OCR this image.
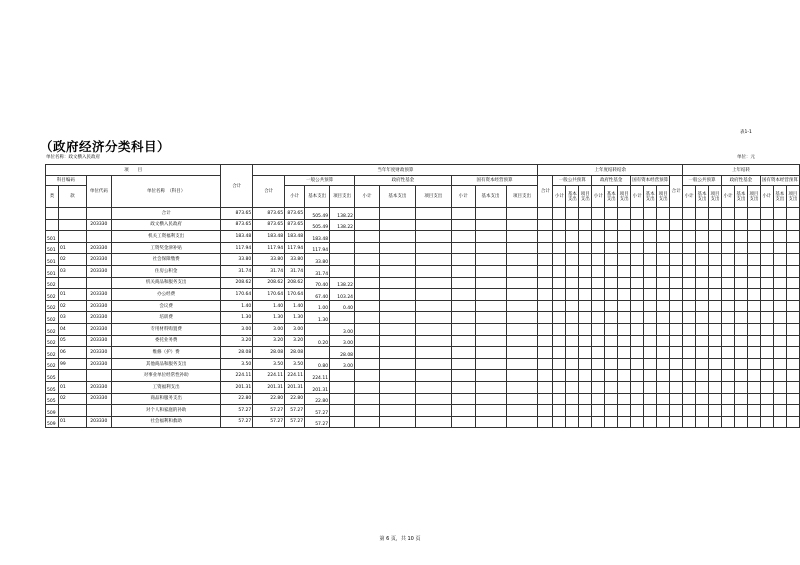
（政府经济分类科目）
表1-1
单位名称：政文横入民政府	单位：元
项　　目				合计	当年年度财政预算										上年度结转结余											上年结转								
科目编码		单位代码	单位名称　（科目）		合计	一般公共预算			政府性基金			国有资本经营预算			合计	一般公共预算			政府性基金			国有资本经营预算			合计	一般公共预算			政府性基金			国有资本经营预算		
类	款					小计	基本支出	项目支出	小计	基本支出	项目支出	小计	基本支出	项目支出		小计	基本支出	项目支出	小计	基本支出	项目支出	小计	基本支出	项目支出		小计	基本支出	项目支出	小计	基本支出	项目支出	小计	基本支出	项目支出

			合计	873.65	873.65	873.65	505.49	138.22																										
		203330	政文横入民政府	873.65	873.65	873.65	505.49	138.22																										
501			机关工资福利支出	183.48	183.48	183.48	183.48																											
501	01	203330	工资奖金津补贴	117.94	117.94	117.94	117.94																											
501	02	203330	社会保障缴费	33.80	33.80	33.80	33.80																											
501	03	203330	住房公积金	31.74	31.74	31.74	31.74																											
502			机关商品和服务支出	208.62	208.62	208.62	70.40	138.22																										
502	01	203330	办公经费	170.64	170.64	170.64	67.40	103.24																										
502	02	203330	会议费	1.40	1.40	1.40	1.00	0.40																										
502	03	203330	培训费	1.30	1.30	1.30	1.30																											
502	04	203330	专用材料购置费	3.00	3.00	3.00		3.00																										
502	05	203330	委托业务费	3.20	3.20	3.20	0.20	3.00																										
502	06	203330	维修（护）费	28.08	28.08	28.08		28.08																										
502	99	203330	其他商品和服务支出	3.50	3.50	3.50	0.80	3.00																										
505			对事业单位经常性补助	224.11	224.11	224.11	224.11																											
505	01	203330	工资福利支出	201.31	201.31	201.31	201.31																											
505	02	203330	商品和服务支出	22.80	22.80	22.80	22.80																											
509			对个人和家庭的补助	57.27	57.27	57.27	57.27																											
509	01	203330	社会福利和救助	57.27	57.27	57.27	57.27																											
第 6 页，共 10 页
